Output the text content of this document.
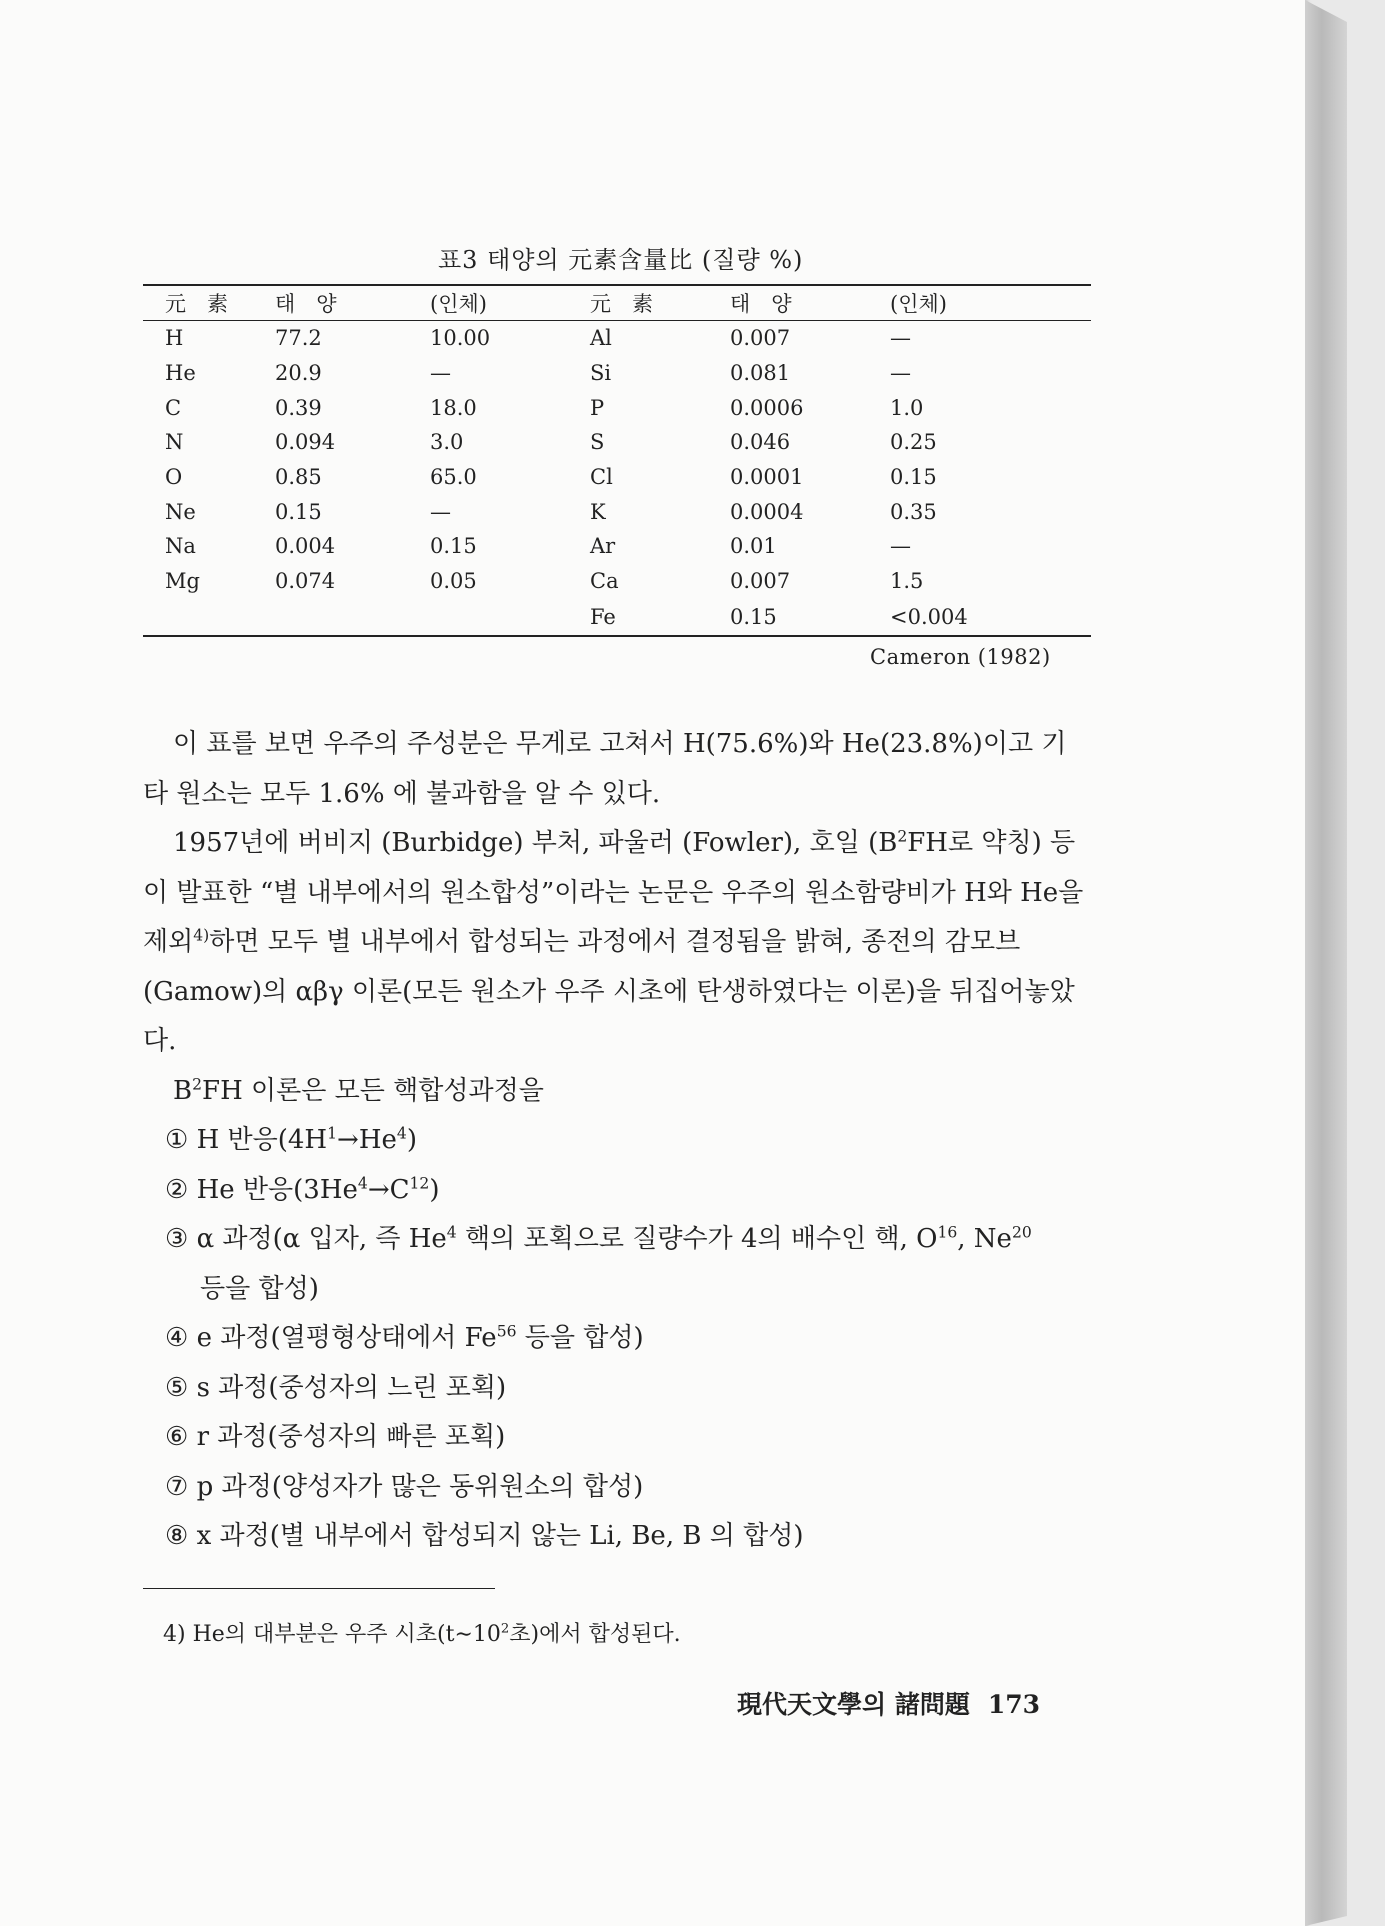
표3 태양의 元素含量比 (질량 %)
元　素	태　양	(인체)	元　素	태　양	(인체)
H	77.2	10.00	Al	0.007	—
He	20.9	—	Si	0.081	—
C	0.39	18.0	P	0.0006	1.0
N	0.094	3.0	S	0.046	0.25
O	0.85	65.0	Cl	0.0001	0.15
Ne	0.15	—	K	0.0004	0.35
Na	0.004	0.15	Ar	0.01	—
Mg	0.074	0.05	Ca	0.007	1.5
			Fe	0.15	<0.004
Cameron (1982)

이 표를 보면 우주의 주성분은 무게로 고쳐서 H(75.6%)와 He(23.8%)이고 기타 원소는 모두 1.6% 에 불과함을 알 수 있다.

1957년에 버비지 (Burbidge) 부처, 파울러 (Fowler), 호일 ($B^2FH$로 약칭) 등이 발표한 “별 내부에서의 원소합성”이라는 논문은 우주의 원소함량비가 H와 He을 제외$^{4)}$하면 모두 별 내부에서 합성되는 과정에서 결정됨을 밝혀, 종전의 감모브 (Gamow)의 αβγ 이론(모든 원소가 우주 시초에 탄생하였다는 이론)을 뒤집어놓았다.

$B^2FH$ 이론은 모든 핵합성과정을

① H 반응$(4H^1\to He^4)$
② He 반응$(3He^4\to C^{12})$
③ α 과정(α 입자, 즉 He$^4$ 핵의 포획으로 질량수가 4의 배수인 핵, $O^{16}$, Ne$^{20}$
등을 합성)
④ e 과정(열평형상태에서 Fe$^{56}$ 등을 합성)
⑤ s 과정(중성자의 느린 포획)
⑥ r 과정(중성자의 빠른 포획)
⑦ p 과정(양성자가 많은 동위원소의 합성)
⑧ x 과정(별 내부에서 합성되지 않는 Li, Be, B 의 합성)
4) He의 대부분은 우주 시초($t\sim 10^2$초)에서 합성된다.
現代天文學의 諸問題 173
